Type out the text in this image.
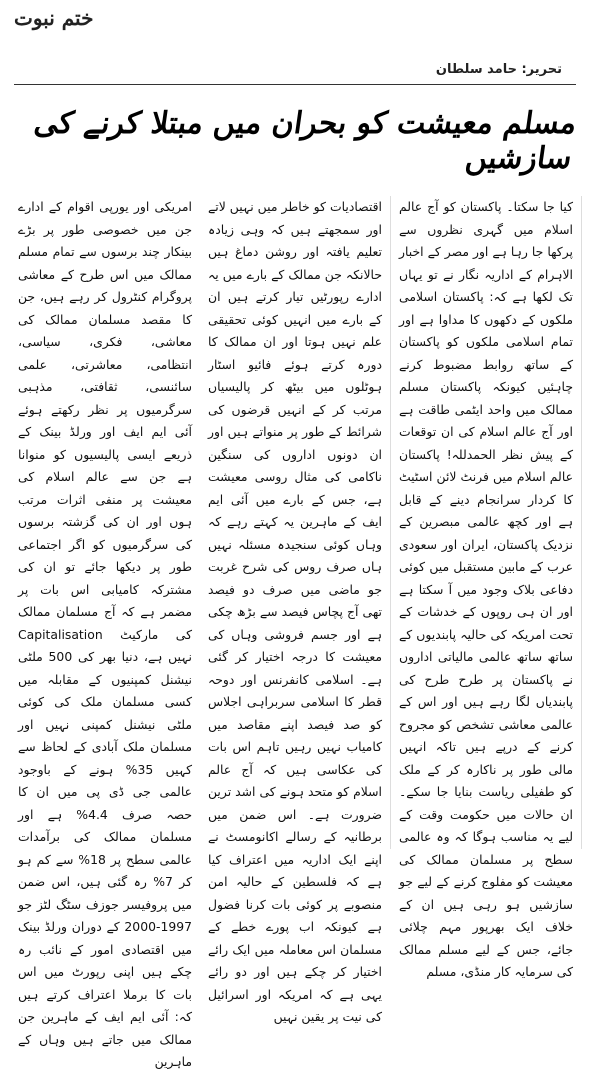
ختم نبوت
تحریر: حامد سلطان
مسلم معیشت کو بحران میں مبتلا کرنے کی سازشیں

امریکی اور یورپی اقوام کے ادارے جن میں خصوصی طور پر بڑے بینکار چند برسوں سے تمام مسلم ممالک میں اس طرح کے معاشی پروگرام کنٹرول کر رہے ہیں، جن کا مقصد مسلمان ممالک کی معاشی، فکری، سیاسی، انتظامی، معاشرتی، علمی سائنسی، ثقافتی، مذہبی سرگرمیوں پر نظر رکھتے ہوئے آئی ایم ایف اور ورلڈ بینک کے ذریعے ایسی پالیسیوں کو منوانا ہے جن سے عالم اسلام کی معیشت پر منفی اثرات مرتب ہوں اور ان کی گزشتہ برسوں کی سرگرمیوں کو اگر اجتماعی طور پر دیکھا جائے تو ان کی مشترکہ کامیابی اس بات پر مضمر ہے کہ آج مسلمان ممالک کی مارکیٹ Capitalisation نہیں ہے، دنیا بھر کی 500 ملٹی نیشنل کمپنیوں کے مقابلہ میں کسی مسلمان ملک کی کوئی ملٹی نیشنل کمپنی نہیں اور مسلمان ملک آبادی کے لحاظ سے کہیں 35% ہونے کے باوجود عالمی جی ڈی پی میں ان کا حصہ صرف 4.4% ہے اور مسلمان ممالک کی برآمدات عالمی سطح پر 18% سے کم ہو کر 7% رہ گئی ہیں، اس ضمن میں پروفیسر جوزف سٹگ لٹز جو 1997-2000 کے دوران ورلڈ بینک میں اقتصادی امور کے نائب رہ چکے ہیں اپنی رپورٹ میں اس بات کا برملا اعتراف کرتے ہیں کہ: آئی ایم ایف کے ماہرین جن ممالک میں جاتے ہیں وہاں کے ماہرین

اقتصادیات کو خاطر میں نہیں لاتے اور سمجھتے ہیں کہ وہی زیادہ تعلیم یافتہ اور روشن دماغ ہیں حالانکہ جن ممالک کے بارے میں یہ ادارے رپورٹیں تیار کرتے ہیں ان کے بارے میں انہیں کوئی تحقیقی علم نہیں ہوتا اور ان ممالک کا دورہ کرتے ہوئے فائیو اسٹار ہوٹلوں میں بیٹھ کر پالیسیاں مرتب کر کے انہیں قرضوں کی شرائط کے طور پر منواتے ہیں اور ان دونوں اداروں کی سنگین ناکامی کی مثال روسی معیشت ہے، جس کے بارے میں آئی ایم ایف کے ماہرین یہ کہتے رہے کہ وہاں کوئی سنجیدہ مسئلہ نہیں ہاں صرف روس کی شرح غربت جو ماضی میں صرف دو فیصد تھی آج پچاس فیصد سے بڑھ چکی ہے اور جسم فروشی وہاں کی معیشت کا درجہ اختیار کر گئی ہے۔ اسلامی کانفرنس اور دوحہ قطر کا اسلامی سربراہی اجلاس کو صد فیصد اپنے مقاصد میں کامیاب نہیں رہیں تاہم اس بات کی عکاسی ہیں کہ آج عالم اسلام کو متحد ہونے کی اشد ترین ضرورت ہے۔ اس ضمن میں برطانیہ کے رسالے اکانومسٹ نے اپنے ایک اداریہ میں اعتراف کیا ہے کہ فلسطین کے حالیہ امن منصوبے پر کوئی بات کرنا فضول ہے کیونکہ اب پورے خطے کے مسلمان اس معاملہ میں ایک رائے اختیار کر چکے ہیں اور دو رائے یہی ہے کہ امریکہ اور اسرائیل کی نیت پر یقین نہیں

کیا جا سکتا۔ پاکستان کو آج عالم اسلام میں گہری نظروں سے پرکھا جا رہا ہے اور مصر کے اخبار الاہرام کے اداریہ نگار نے تو یہاں تک لکھا ہے کہ: پاکستان اسلامی ملکوں کے دکھوں کا مداوا ہے اور تمام اسلامی ملکوں کو پاکستان کے ساتھ روابط مضبوط کرنے چاہئیں کیونکہ پاکستان مسلم ممالک میں واحد ایٹمی طاقت ہے اور آج عالم اسلام کی ان توقعات کے پیش نظر الحمدللہ! پاکستان عالم اسلام میں فرنٹ لائن اسٹیٹ کا کردار سرانجام دینے کے قابل ہے اور کچھ عالمی مبصرین کے نزدیک پاکستان، ایران اور سعودی عرب کے مابین مستقبل میں کوئی دفاعی بلاک وجود میں آ سکتا ہے اور ان ہی روپوں کے خدشات کے تحت امریکہ کی حالیہ پابندیوں کے ساتھ ساتھ عالمی مالیاتی اداروں نے پاکستان پر طرح طرح کی پابندیاں لگا رہے ہیں اور اس کے عالمی معاشی تشخص کو مجروح کرنے کے درپے ہیں تاکہ انہیں مالی طور پر ناکارہ کر کے ملک کو طفیلی ریاست بنایا جا سکے۔ ان حالات میں حکومت وقت کے لیے یہ مناسب ہوگا کہ وہ عالمی سطح پر مسلمان ممالک کی معیشت کو مفلوج کرنے کے لیے جو سازشیں ہو رہی ہیں ان کے خلاف ایک بھرپور مہم چلائی جائے، جس کے لیے مسلم ممالک کی سرمایہ کار منڈی، مسلم
